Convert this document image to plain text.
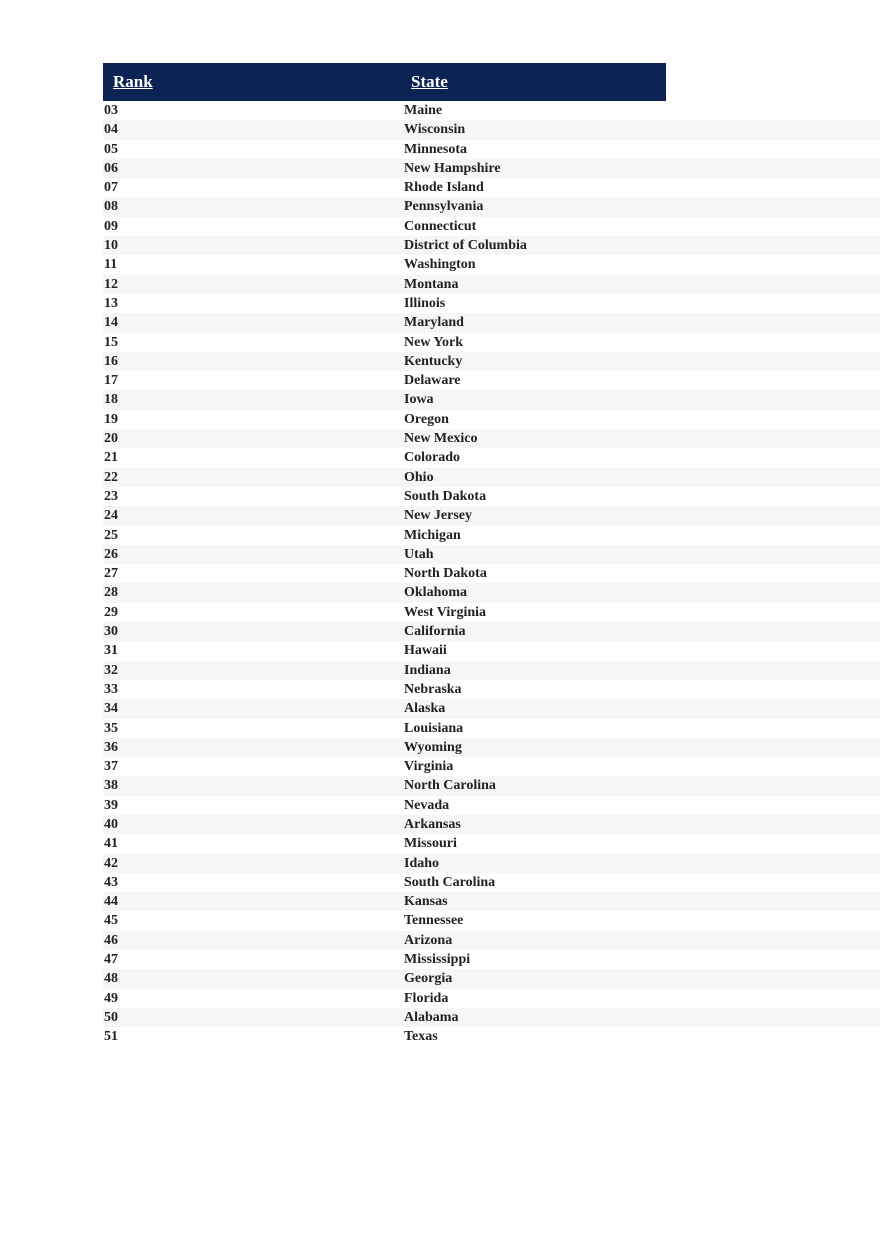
Rank	State
03	Maine
04	Wisconsin
05	Minnesota
06	New Hampshire
07	Rhode Island
08	Pennsylvania
09	Connecticut
10	District of Columbia
11	Washington
12	Montana
13	Illinois
14	Maryland
15	New York
16	Kentucky
17	Delaware
18	Iowa
19	Oregon
20	New Mexico
21	Colorado
22	Ohio
23	South Dakota
24	New Jersey
25	Michigan
26	Utah
27	North Dakota
28	Oklahoma
29	West Virginia
30	California
31	Hawaii
32	Indiana
33	Nebraska
34	Alaska
35	Louisiana
36	Wyoming
37	Virginia
38	North Carolina
39	Nevada
40	Arkansas
41	Missouri
42	Idaho
43	South Carolina
44	Kansas
45	Tennessee
46	Arizona
47	Mississippi
48	Georgia
49	Florida
50	Alabama
51	Texas
